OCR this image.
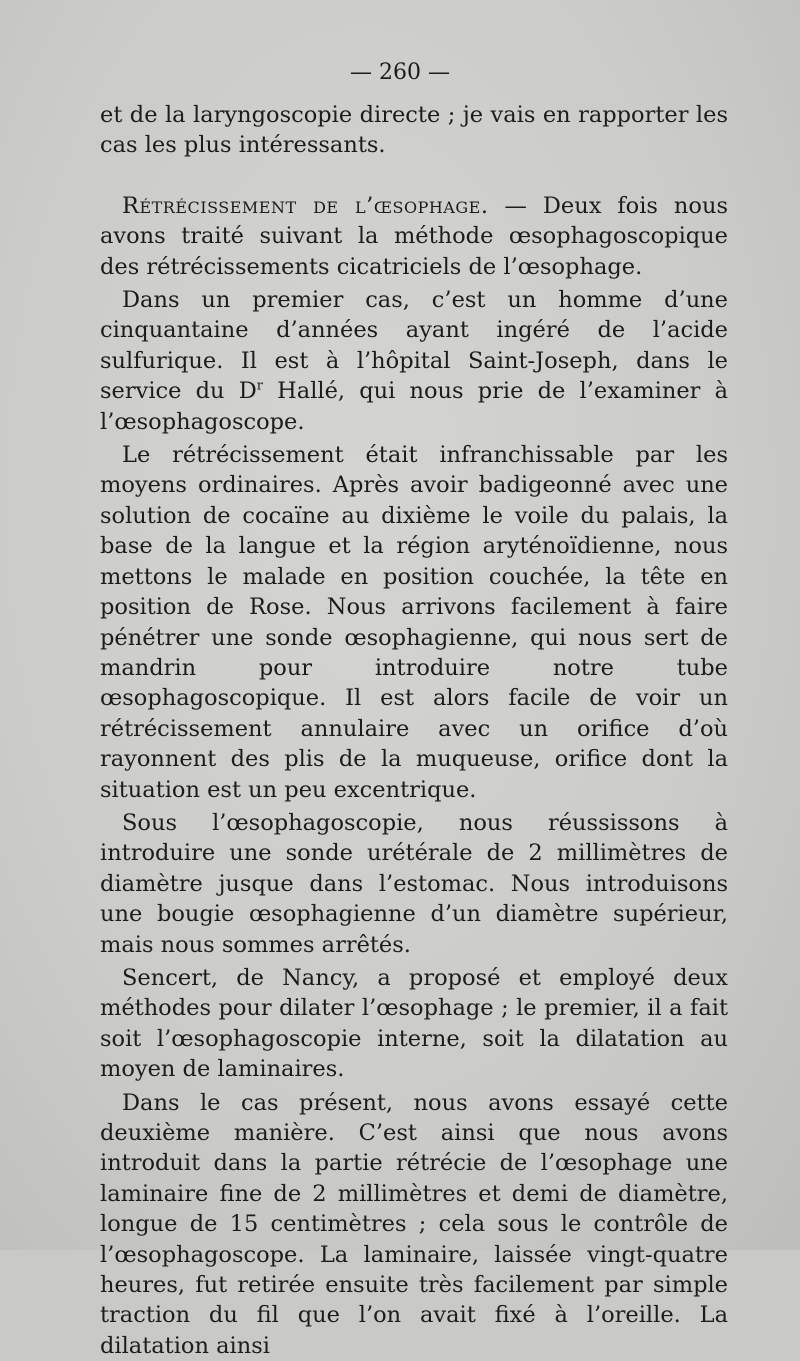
— 260 —

et de la laryngoscopie directe ; je vais en rapporter les cas les plus intéressants.

Rétrécissement de l’œsophage. — Deux fois nous avons traité suivant la méthode œsophagoscopique des rétrécissements cicatriciels de l’œsophage.

Dans un premier cas, c’est un homme d’une cinquantaine d’années ayant ingéré de l’acide sulfurique. Il est à l’hôpital Saint-Joseph, dans le service du $D^r$ Hallé, qui nous prie de l’examiner à l’œsophagoscope.

Le rétrécissement était infranchissable par les moyens ordinaires. Après avoir badigeonné avec une solution de cocaïne au dixième le voile du palais, la base de la langue et la région aryténoïdienne, nous mettons le malade en position couchée, la tête en position de Rose. Nous arrivons facilement à faire pénétrer une sonde œsophagienne, qui nous sert de mandrin pour introduire notre tube œsophagoscopique. Il est alors facile de voir un rétrécissement annulaire avec un orifice d’où rayonnent des plis de la muqueuse, orifice dont la situation est un peu excentrique.

Sous l’œsophagoscopie, nous réussissons à introduire une sonde urétérale de 2 millimètres de diamètre jusque dans l’estomac. Nous introduisons une bougie œsophagienne d’un diamètre supérieur, mais nous sommes arrêtés.

Sencert, de Nancy, a proposé et employé deux méthodes pour dilater l’œsophage ; le premier, il a fait soit l’œsophagoscopie interne, soit la dilatation au moyen de laminaires.

Dans le cas présent, nous avons essayé cette deuxième manière. C’est ainsi que nous avons introduit dans la partie rétrécie de l’œsophage une laminaire fine de 2 millimètres et demi de diamètre, longue de 15 centimètres ; cela sous le contrôle de l’œsophagoscope. La laminaire, laissée vingt-quatre heures, fut retirée ensuite très facilement par simple traction du fil que l’on avait fixé à l’oreille. La dilatation ainsi
